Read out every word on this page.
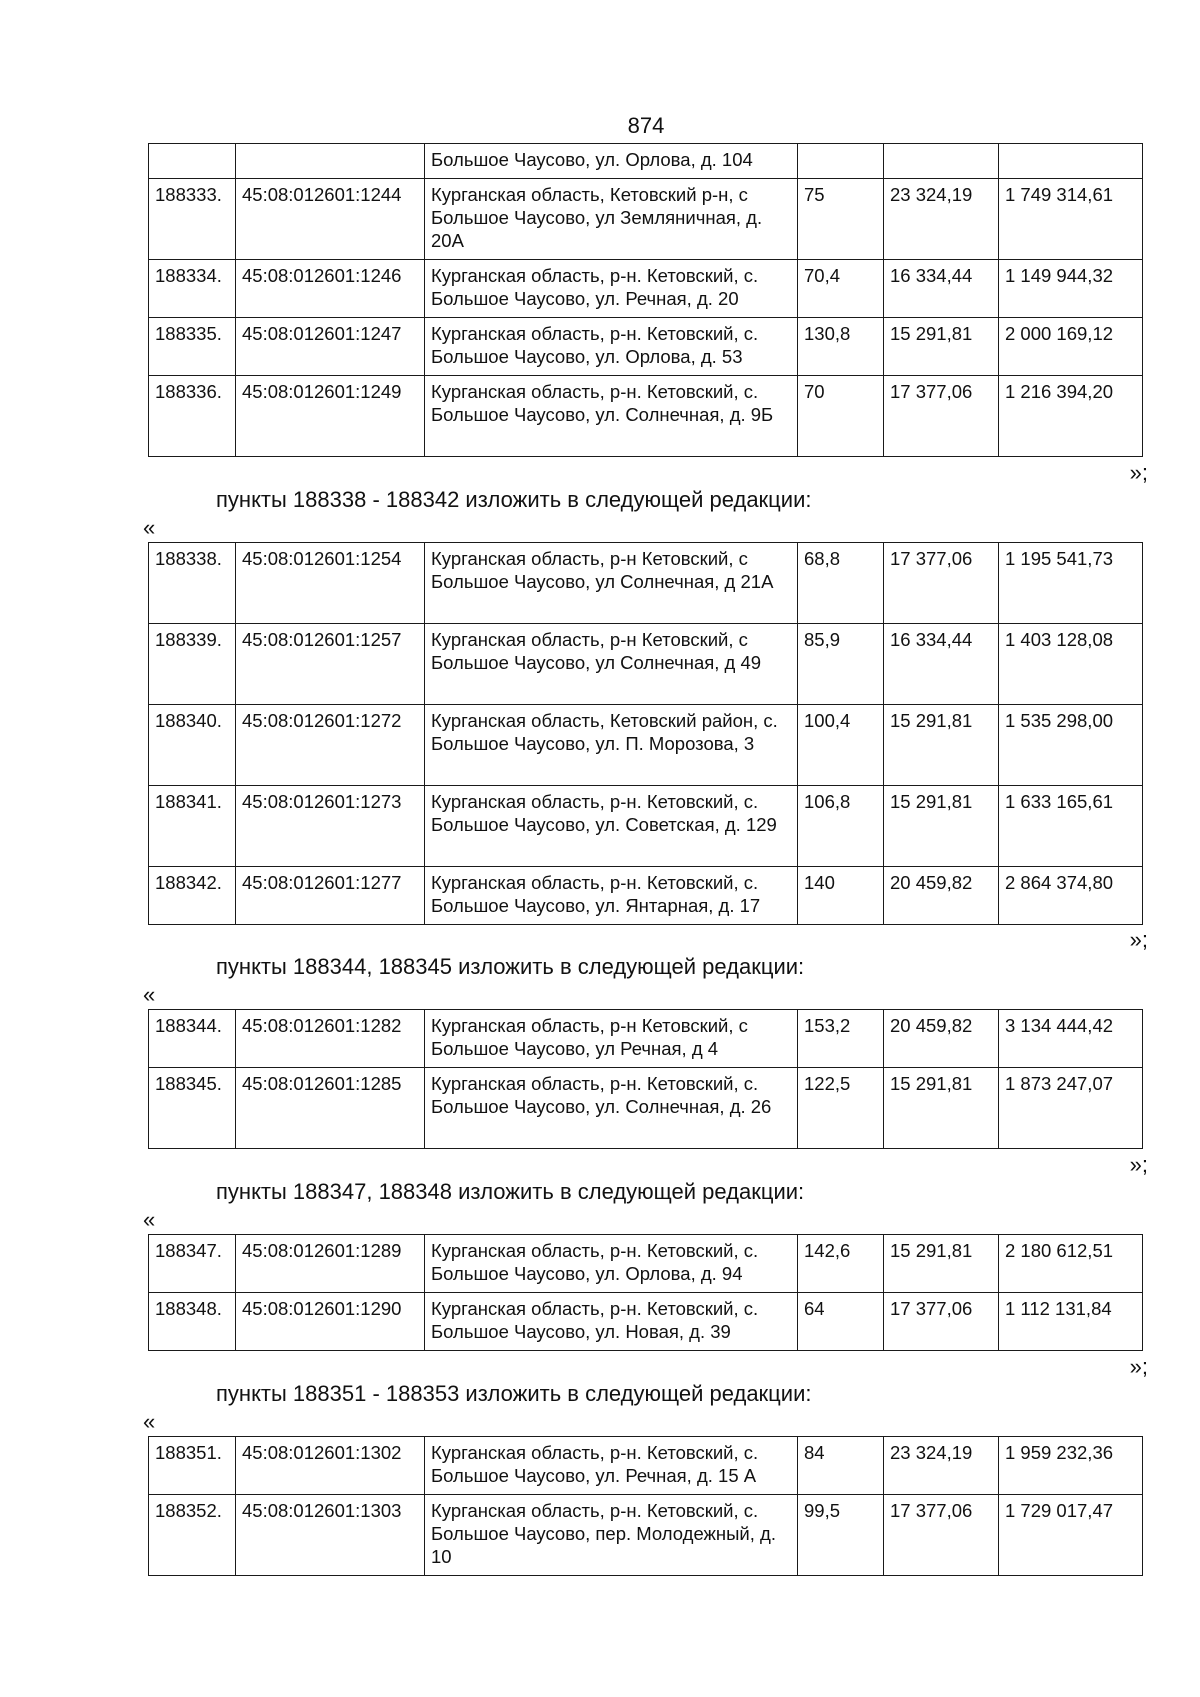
874
		Большое Чаусово, ул. Орлова, д. 104			
188333.	45:08:012601:1244	Курганская область, Кетовский р-н, с Большое Чаусово, ул Земляничная, д. 20А	75	23 324,19	1 749 314,61
188334.	45:08:012601:1246	Курганская область, р-н. Кетовский, с. Большое Чаусово, ул. Речная, д. 20	70,4	16 334,44	1 149 944,32
188335.	45:08:012601:1247	Курганская область, р-н. Кетовский, с. Большое Чаусово, ул. Орлова, д. 53	130,8	15 291,81	2 000 169,12
188336.	45:08:012601:1249	Курганская область, р-н. Кетовский, с. Большое Чаусово, ул. Солнечная, д. 9Б	70	17 377,06	1 216 394,20
»;
пункты 188338 - 188342 изложить в следующей редакции:
«
188338.	45:08:012601:1254	Курганская область, р-н Кетовский, с Большое Чаусово, ул Солнечная, д 21А	68,8	17 377,06	1 195 541,73
188339.	45:08:012601:1257	Курганская область, р-н Кетовский, с Большое Чаусово, ул Солнечная, д 49	85,9	16 334,44	1 403 128,08
188340.	45:08:012601:1272	Курганская область, Кетовский район, с. Большое Чаусово, ул. П. Морозова, 3	100,4	15 291,81	1 535 298,00
188341.	45:08:012601:1273	Курганская область, р-н. Кетовский, с. Большое Чаусово, ул. Советская, д. 129	106,8	15 291,81	1 633 165,61
188342.	45:08:012601:1277	Курганская область, р-н. Кетовский, с. Большое Чаусово, ул. Янтарная, д. 17	140	20 459,82	2 864 374,80
»;
пункты 188344, 188345 изложить в следующей редакции:
«
188344.	45:08:012601:1282	Курганская область, р-н Кетовский, с Большое Чаусово, ул Речная, д 4	153,2	20 459,82	3 134 444,42
188345.	45:08:012601:1285	Курганская область, р-н. Кетовский, с. Большое Чаусово, ул. Солнечная, д. 26	122,5	15 291,81	1 873 247,07
»;
пункты 188347, 188348 изложить в следующей редакции:
«
188347.	45:08:012601:1289	Курганская область, р-н. Кетовский, с. Большое Чаусово, ул. Орлова, д. 94	142,6	15 291,81	2 180 612,51
188348.	45:08:012601:1290	Курганская область, р-н. Кетовский, с. Большое Чаусово, ул. Новая, д. 39	64	17 377,06	1 112 131,84
»;
пункты 188351 - 188353 изложить в следующей редакции:
«
188351.	45:08:012601:1302	Курганская область, р-н. Кетовский, с. Большое Чаусово, ул. Речная, д. 15 А	84	23 324,19	1 959 232,36
188352.	45:08:012601:1303	Курганская область, р-н. Кетовский, с. Большое Чаусово, пер. Молодежный, д. 10	99,5	17 377,06	1 729 017,47
